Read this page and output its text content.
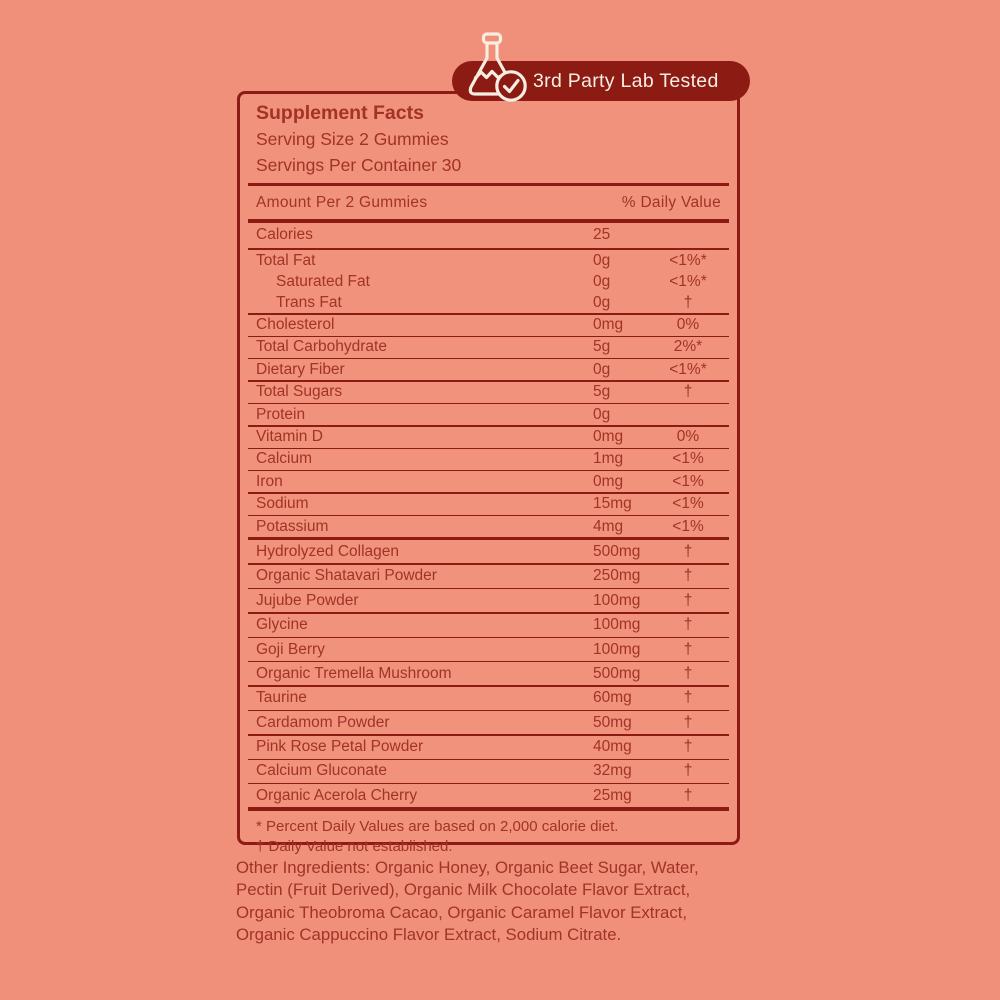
Supplement Facts
Serving Size 2 Gummies
Servings Per Container 30
Amount Per 2 Gummies	% Daily Value
Calories	25
Total Fat	0g	<1%*
Saturated Fat	0g	<1%*
Trans Fat	0g	†
Cholesterol	0mg	0%
Total Carbohydrate	5g	2%*
Dietary Fiber	0g	<1%*
Total Sugars	5g	†
Protein	0g
Vitamin D	0mg	0%
Calcium	1mg	<1%
Iron	0mg	<1%
Sodium	15mg	<1%
Potassium	4mg	<1%
Hydrolyzed Collagen	500mg	†
Organic Shatavari Powder	250mg	†
Jujube Powder	100mg	†
Glycine	100mg	†
Goji Berry	100mg	†
Organic Tremella Mushroom	500mg	†
Taurine	60mg	†
Cardamom Powder	50mg	†
Pink Rose Petal Powder	40mg	†
Calcium Gluconate	32mg	†
Organic Acerola Cherry	25mg	†
* Percent Daily Values are based on 2,000 calorie diet.
† Daily Value not established.
3rd Party Lab Tested
Other Ingredients: Organic Honey, Organic Beet Sugar, Water, Pectin (Fruit Derived), Organic Milk Chocolate Flavor Extract, Organic Theobroma Cacao, Organic Caramel Flavor Extract, Organic Cappuccino Flavor Extract, Sodium Citrate.
